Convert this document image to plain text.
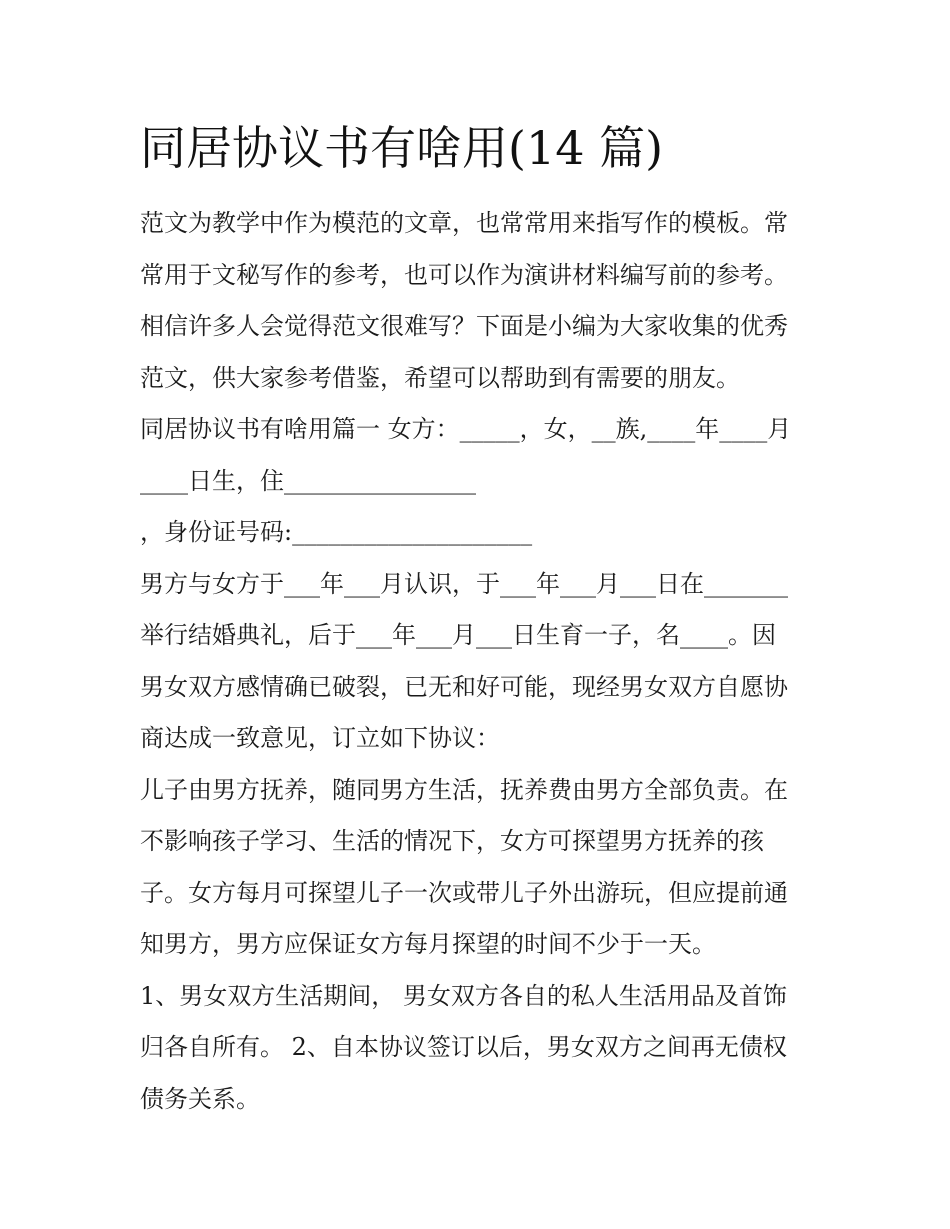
同居协议书有啥用(14 篇)

范文为教学中作为模范的文章，也常常用来指写作的模板。常
常用于文秘写作的参考，也可以作为演讲材料编写前的参考。
相信许多人会觉得范文很难写？下面是小编为大家收集的优秀
范文，供大家参考借鉴，希望可以帮助到有需要的朋友。

同居协议书有啥用篇一 女方：_____，女，__族,____年____月
____日生，住________________

，身份证号码:____________________

男方与女方于___年___月认识，于___年___月___日在_______
举行结婚典礼，后于___年___月___日生育一子，名____。因
男女双方感情确已破裂，已无和好可能，现经男女双方自愿协
商达成一致意见，订立如下协议：

儿子由男方抚养，随同男方生活，抚养费由男方全部负责。在
不影响孩子学习、生活的情况下，女方可探望男方抚养的孩
子。女方每月可探望儿子一次或带儿子外出游玩，但应提前通
知男方，男方应保证女方每月探望的时间不少于一天。

1、男女双方生活期间， 男女双方各自的私人生活用品及首饰
归各自所有。 2、自本协议签订以后，男女双方之间再无债权
债务关系。
